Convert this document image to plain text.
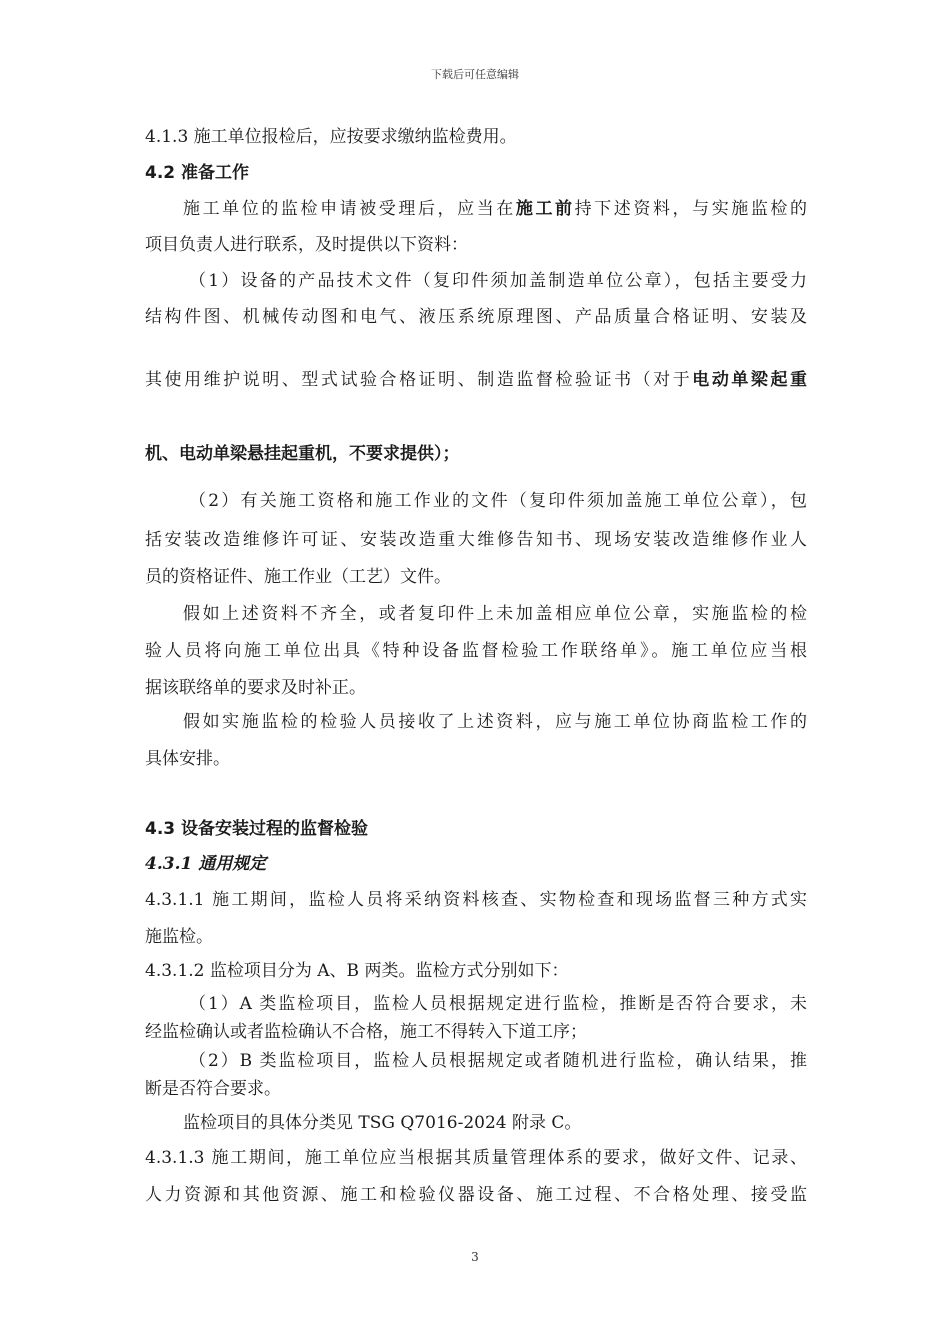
下载后可任意编辑
4.1.3 施工单位报检后，应按要求缴纳监检费用。
4.2 准备工作
施工单位的监检申请被受理后，应当在施工前持下述资料，与实施监检的
项目负责人进行联系，及时提供以下资料：
（1）设备的产品技术文件（复印件须加盖制造单位公章），包括主要受力
结构件图、机械传动图和电气、液压系统原理图、产品质量合格证明、安装及
其使用维护说明、型式试验合格证明、制造监督检验证书（对于电动单梁起重
机、电动单梁悬挂起重机，不要求提供）；
（2）有关施工资格和施工作业的文件（复印件须加盖施工单位公章），包
括安装改造维修许可证、安装改造重大维修告知书、现场安装改造维修作业人
员的资格证件、施工作业（工艺）文件。
假如上述资料不齐全，或者复印件上未加盖相应单位公章，实施监检的检
验人员将向施工单位出具《特种设备监督检验工作联络单》。施工单位应当根
据该联络单的要求及时补正。
假如实施监检的检验人员接收了上述资料，应与施工单位协商监检工作的
具体安排。
4.3 设备安装过程的监督检验
4.3.1 通用规定
4.3.1.1 施工期间，监检人员将采纳资料核查、实物检查和现场监督三种方式实
施监检。
4.3.1.2 监检项目分为 A、B 两类。监检方式分别如下：
（1）A 类监检项目，监检人员根据规定进行监检，推断是否符合要求，未
经监检确认或者监检确认不合格，施工不得转入下道工序；
（2）B 类监检项目，监检人员根据规定或者随机进行监检，确认结果，推
断是否符合要求。
监检项目的具体分类见 TSG Q7016-2024 附录 C。
4.3.1.3 施工期间，施工单位应当根据其质量管理体系的要求，做好文件、记录、
人力资源和其他资源、施工和检验仪器设备、施工过程、不合格处理、接受监
3
